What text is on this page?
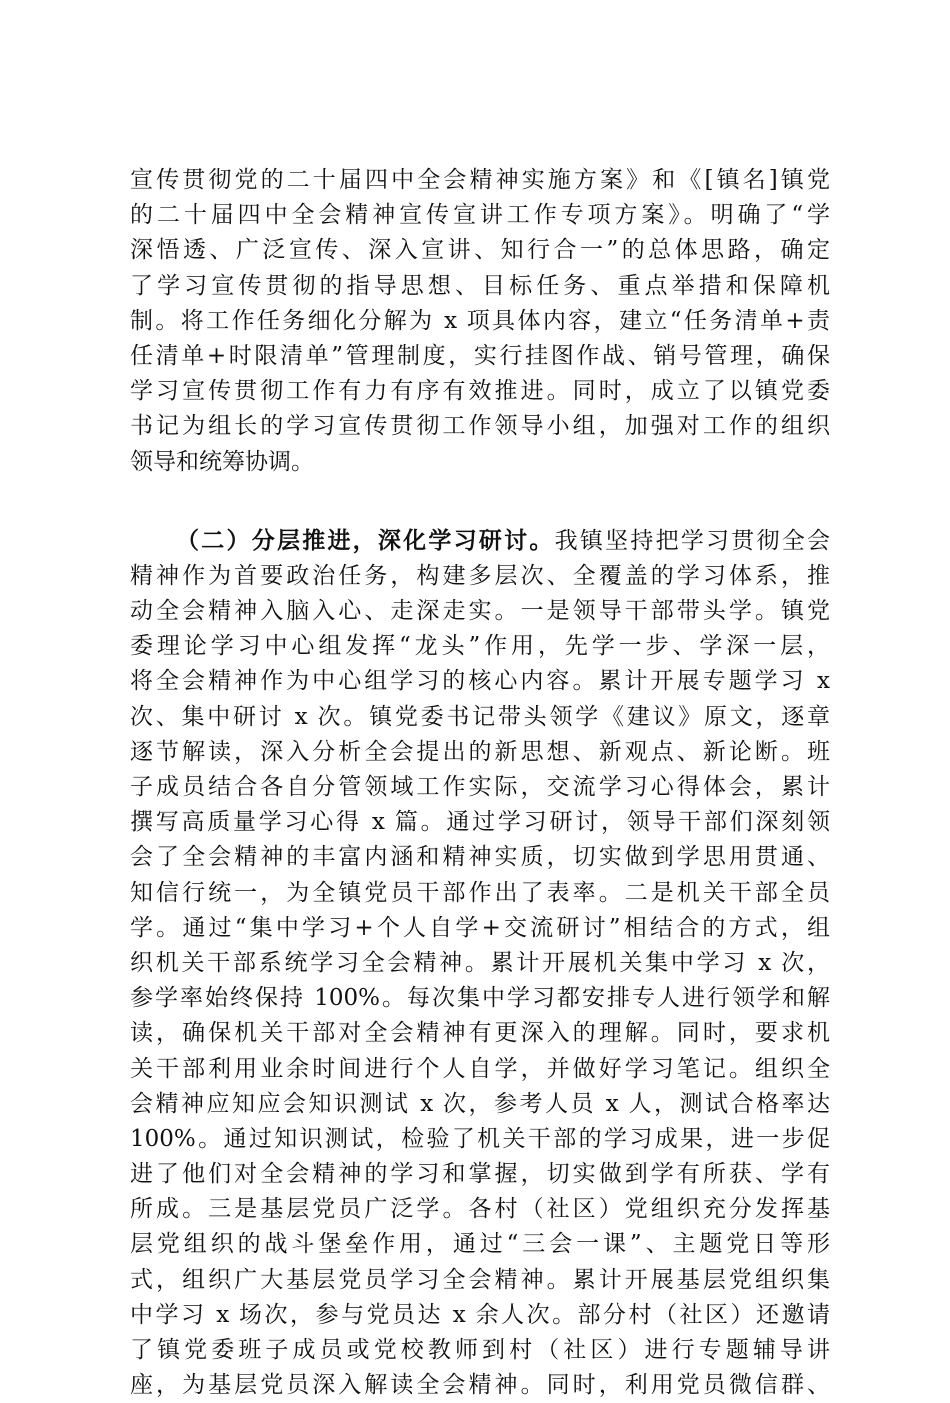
宣传贯彻党的二十届四中全会精神实施方案》和《[镇名]镇党
的二十届四中全会精神宣传宣讲工作专项方案》。明确了“学
深悟透、广泛宣传、深入宣讲、知行合一”的总体思路，确定
了学习宣传贯彻的指导思想、目标任务、重点举措和保障机
制。将工作任务细化分解为 x 项具体内容，建立“任务清单+责
任清单+时限清单”管理制度，实行挂图作战、销号管理，确保
学习宣传贯彻工作有力有序有效推进。同时，成立了以镇党委
书记为组长的学习宣传贯彻工作领导小组，加强对工作的组织
领导和统筹协调。
（二）分层推进，深化学习研讨。我镇坚持把学习贯彻全会
精神作为首要政治任务，构建多层次、全覆盖的学习体系，推
动全会精神入脑入心、走深走实。一是领导干部带头学。镇党
委理论学习中心组发挥“龙头”作用，先学一步、学深一层，
将全会精神作为中心组学习的核心内容。累计开展专题学习 x
次、集中研讨 x 次。镇党委书记带头领学《建议》原文，逐章
逐节解读，深入分析全会提出的新思想、新观点、新论断。班
子成员结合各自分管领域工作实际，交流学习心得体会，累计
撰写高质量学习心得 x 篇。通过学习研讨，领导干部们深刻领
会了全会精神的丰富内涵和精神实质，切实做到学思用贯通、
知信行统一，为全镇党员干部作出了表率。二是机关干部全员
学。通过“集中学习+个人自学+交流研讨”相结合的方式，组
织机关干部系统学习全会精神。累计开展机关集中学习 x 次，
参学率始终保持 100%。每次集中学习都安排专人进行领学和解
读，确保机关干部对全会精神有更深入的理解。同时，要求机
关干部利用业余时间进行个人自学，并做好学习笔记。组织全
会精神应知应会知识测试 x 次，参考人员 x 人，测试合格率达
100%。通过知识测试，检验了机关干部的学习成果，进一步促
进了他们对全会精神的学习和掌握，切实做到学有所获、学有
所成。三是基层党员广泛学。各村（社区）党组织充分发挥基
层党组织的战斗堡垒作用，通过“三会一课”、主题党日等形
式，组织广大基层党员学习全会精神。累计开展基层党组织集
中学习 x 场次，参与党员达 x 余人次。部分村（社区）还邀请
了镇党委班子成员或党校教师到村（社区）进行专题辅导讲
座，为基层党员深入解读全会精神。同时，利用党员微信群、
